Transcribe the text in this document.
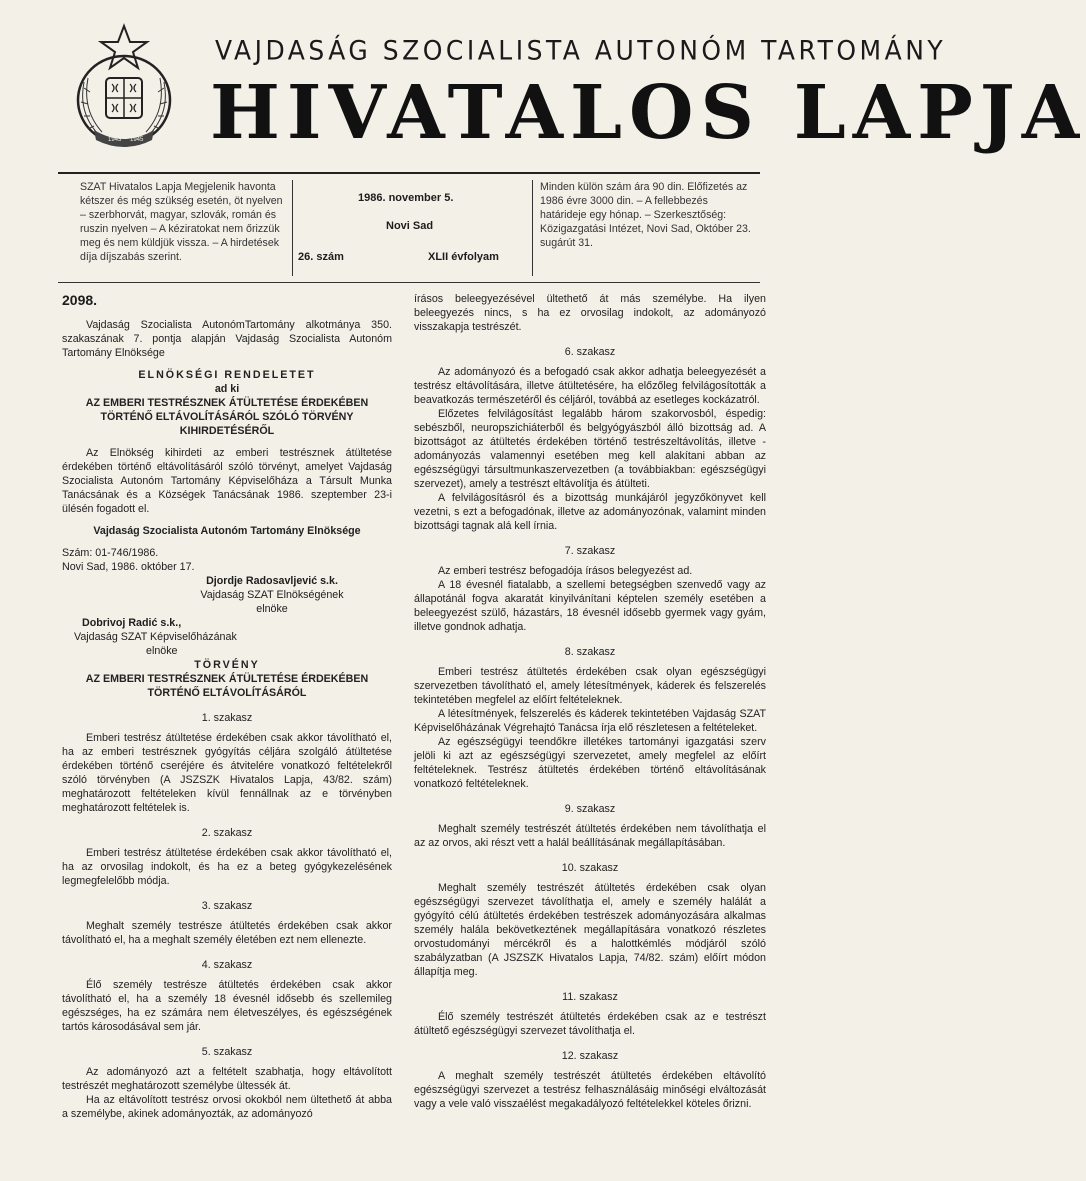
1943 1945
VAJDASÁG SZOCIALISTA AUTONÓM TARTOMÁNY
HIVATALOS LAPJA
SZAT Hivatalos Lapja Megjelenik havonta kétszer és még szükség esetén, öt nyelven – szerbhorvát, magyar, szlovák, román és ruszin nyelven – A kéziratokat nem őrizzük meg és nem küldjük vissza. – A hirdetések díja díjszabás szerint.
1986. november 5.
Novi Sad
26. szám	XLII évfolyam
Minden külön szám ára 90 din. Előfizetés az 1986 évre 3000 din. – A fellebbezés határideje egy hónap. – Szerkesztőség: Közigazgatási Intézet, Novi Sad, Október 23. sugárút 31.

2098.

Vajdaság Szocialista AutonómTartomány alkotmánya 350. szakaszának 7. pontja alapján Vajdaság Szocialista Autonóm Tartomány Elnöksége

ELNÖKSÉGI RENDELETET

ad ki

AZ EMBERI TESTRÉSZNEK ÁTÜLTETÉSE ÉRDEKÉBEN TÖRTÉNŐ ELTÁVOLÍTÁSÁRÓL SZÓLÓ TÖRVÉNY KIHIRDETÉSÉRŐL

Az Elnökség kihirdeti az emberi testrésznek átültetése érdekében történő eltávolításáról szóló törvényt, amelyet Vajdaság Szocialista Autonóm Tartomány Képviselőháza a Társult Munka Tanácsának és a Községek Tanácsának 1986. szeptember 23-i ülésén fogadott el.

Vajdaság Szocialista Autonóm Tartomány Elnöksége

Szám: 01-746/1986.

Novi Sad, 1986. október 17.

Djordje Radosavljević s.k.

Vajdaság SZAT Elnökségének

elnöke

Dobrivoj Radić s.k.,

Vajdaság SZAT Képviselőházának

elnöke

TÖRVÉNY

AZ EMBERI TESTRÉSZNEK ÁTÜLTETÉSE ÉRDEKÉBEN TÖRTÉNŐ ELTÁVOLÍTÁSÁRÓL

1. szakasz

Emberi testrész átültetése érdekében csak akkor távolítható el, ha az emberi testrésznek gyógyítás céljára szolgáló átültetése érdekében történő cseréjére és átvitelére vonatkozó feltételekről szóló törvényben (A JSZSZK Hivatalos Lapja, 43/82. szám) meghatározott feltételeken kívül fennállnak az e törvényben meghatározott feltételek is.

2. szakasz

Emberi testrész átültetése érdekében csak akkor távolítható el, ha az orvosilag indokolt, és ha ez a beteg gyógykezelésének legmegfelelőbb módja.

3. szakasz

Meghalt személy testrésze átültetés érdekében csak akkor távolítható el, ha a meghalt személy életében ezt nem ellenezte.

4. szakasz

Élő személy testrésze átültetés érdekében csak akkor távolítható el, ha a személy 18 évesnél idősebb és szellemileg egészséges, ha ez számára nem életveszélyes, és egészségének tartós károsodásával sem jár.

5. szakasz

Az adományozó azt a feltételt szabhatja, hogy eltávolított testrészét meghatározott személybe ültessék át.

Ha az eltávolított testrész orvosi okokból nem ültethető át abba a személybe, akinek adományozták, az adományozó

írásos beleegyezésével ültethető át más személybe. Ha ilyen beleegyezés nincs, s ha ez orvosilag indokolt, az adományozó visszakapja testrészét.

6. szakasz

Az adományozó és a befogadó csak akkor adhatja beleegyezését a testrész eltávolítására, illetve átültetésére, ha előzőleg felvilágosították a beavatkozás természetéről és céljáról, továbbá az esetleges kockázatról.

Előzetes felvilágosítást legalább három szakorvosból, éspedig: sebészből, neuropszichiáterből és belgyógyászból álló bizottság ad. A bizottságot az átültetés érdekében történő testrészeltávolítás, illetve - adományozás valamennyi esetében meg kell alakítani abban az egészségügyi társultmunkaszervezetben (a továbbiakban: egészségügyi szervezet), amely a testrészt eltávolítja és átülteti.

A felvilágosításról és a bizottság munkájáról jegyzőkönyvet kell vezetni, s ezt a befogadónak, illetve az adományozónak, valamint minden bizottsági tagnak alá kell írnia.

7. szakasz

Az emberi testrész befogadója írásos belegyezést ad.

A 18 évesnél fiatalabb, a szellemi betegségben szenvedő vagy az állapotánál fogva akaratát kinyilvánítani képtelen személy esetében a beleegyezést szülő, házastárs, 18 évesnél idősebb gyermek vagy gyám, illetve gondnok adhatja.

8. szakasz

Emberi testrész átültetés érdekében csak olyan egészségügyi szervezetben távolítható el, amely létesítmények, káderek és felszerelés tekintetében megfelel az előírt feltételeknek.

A létesítmények, felszerelés és káderek tekintetében Vajdaság SZAT Képviselőházának Végrehajtó Tanácsa írja elő részletesen a feltételeket.

Az egészségügyi teendőkre illetékes tartományi igazgatási szerv jelöli ki azt az egészségügyi szervezetet, amely megfelel az előírt feltételeknek. Testrész átültetés érdekében történő eltávolításának vonatkozó feltételeknek.

9. szakasz

Meghalt személy testrészét átültetés érdekében nem távolíthatja el az az orvos, aki részt vett a halál beállításának megállapításában.

10. szakasz

Meghalt személy testrészét átültetés érdekében csak olyan egészségügyi szervezet távolíthatja el, amely e személy halálát a gyógyító célú átültetés érdekében testrészek adományozására alkalmas személy halála bekövetkeztének megállapítására vonatkozó részletes orvostudományi mércékről és a halottkémlés módjáról szóló szabályzatban (A JSZSZK Hivatalos Lapja, 74/82. szám) előírt módon állapítja meg.

11. szakasz

Élő személy testrészét átültetés érdekében csak az e testrészt átültető egészségügyi szervezet távolíthatja el.

12. szakasz

A meghalt személy testrészét átültetés érdekében eltávolító egészségügyi szervezet a testrész felhasználásáig minőségi elváltozását vagy a vele való visszaélést megakadályozó feltételekkel köteles őrizni.
